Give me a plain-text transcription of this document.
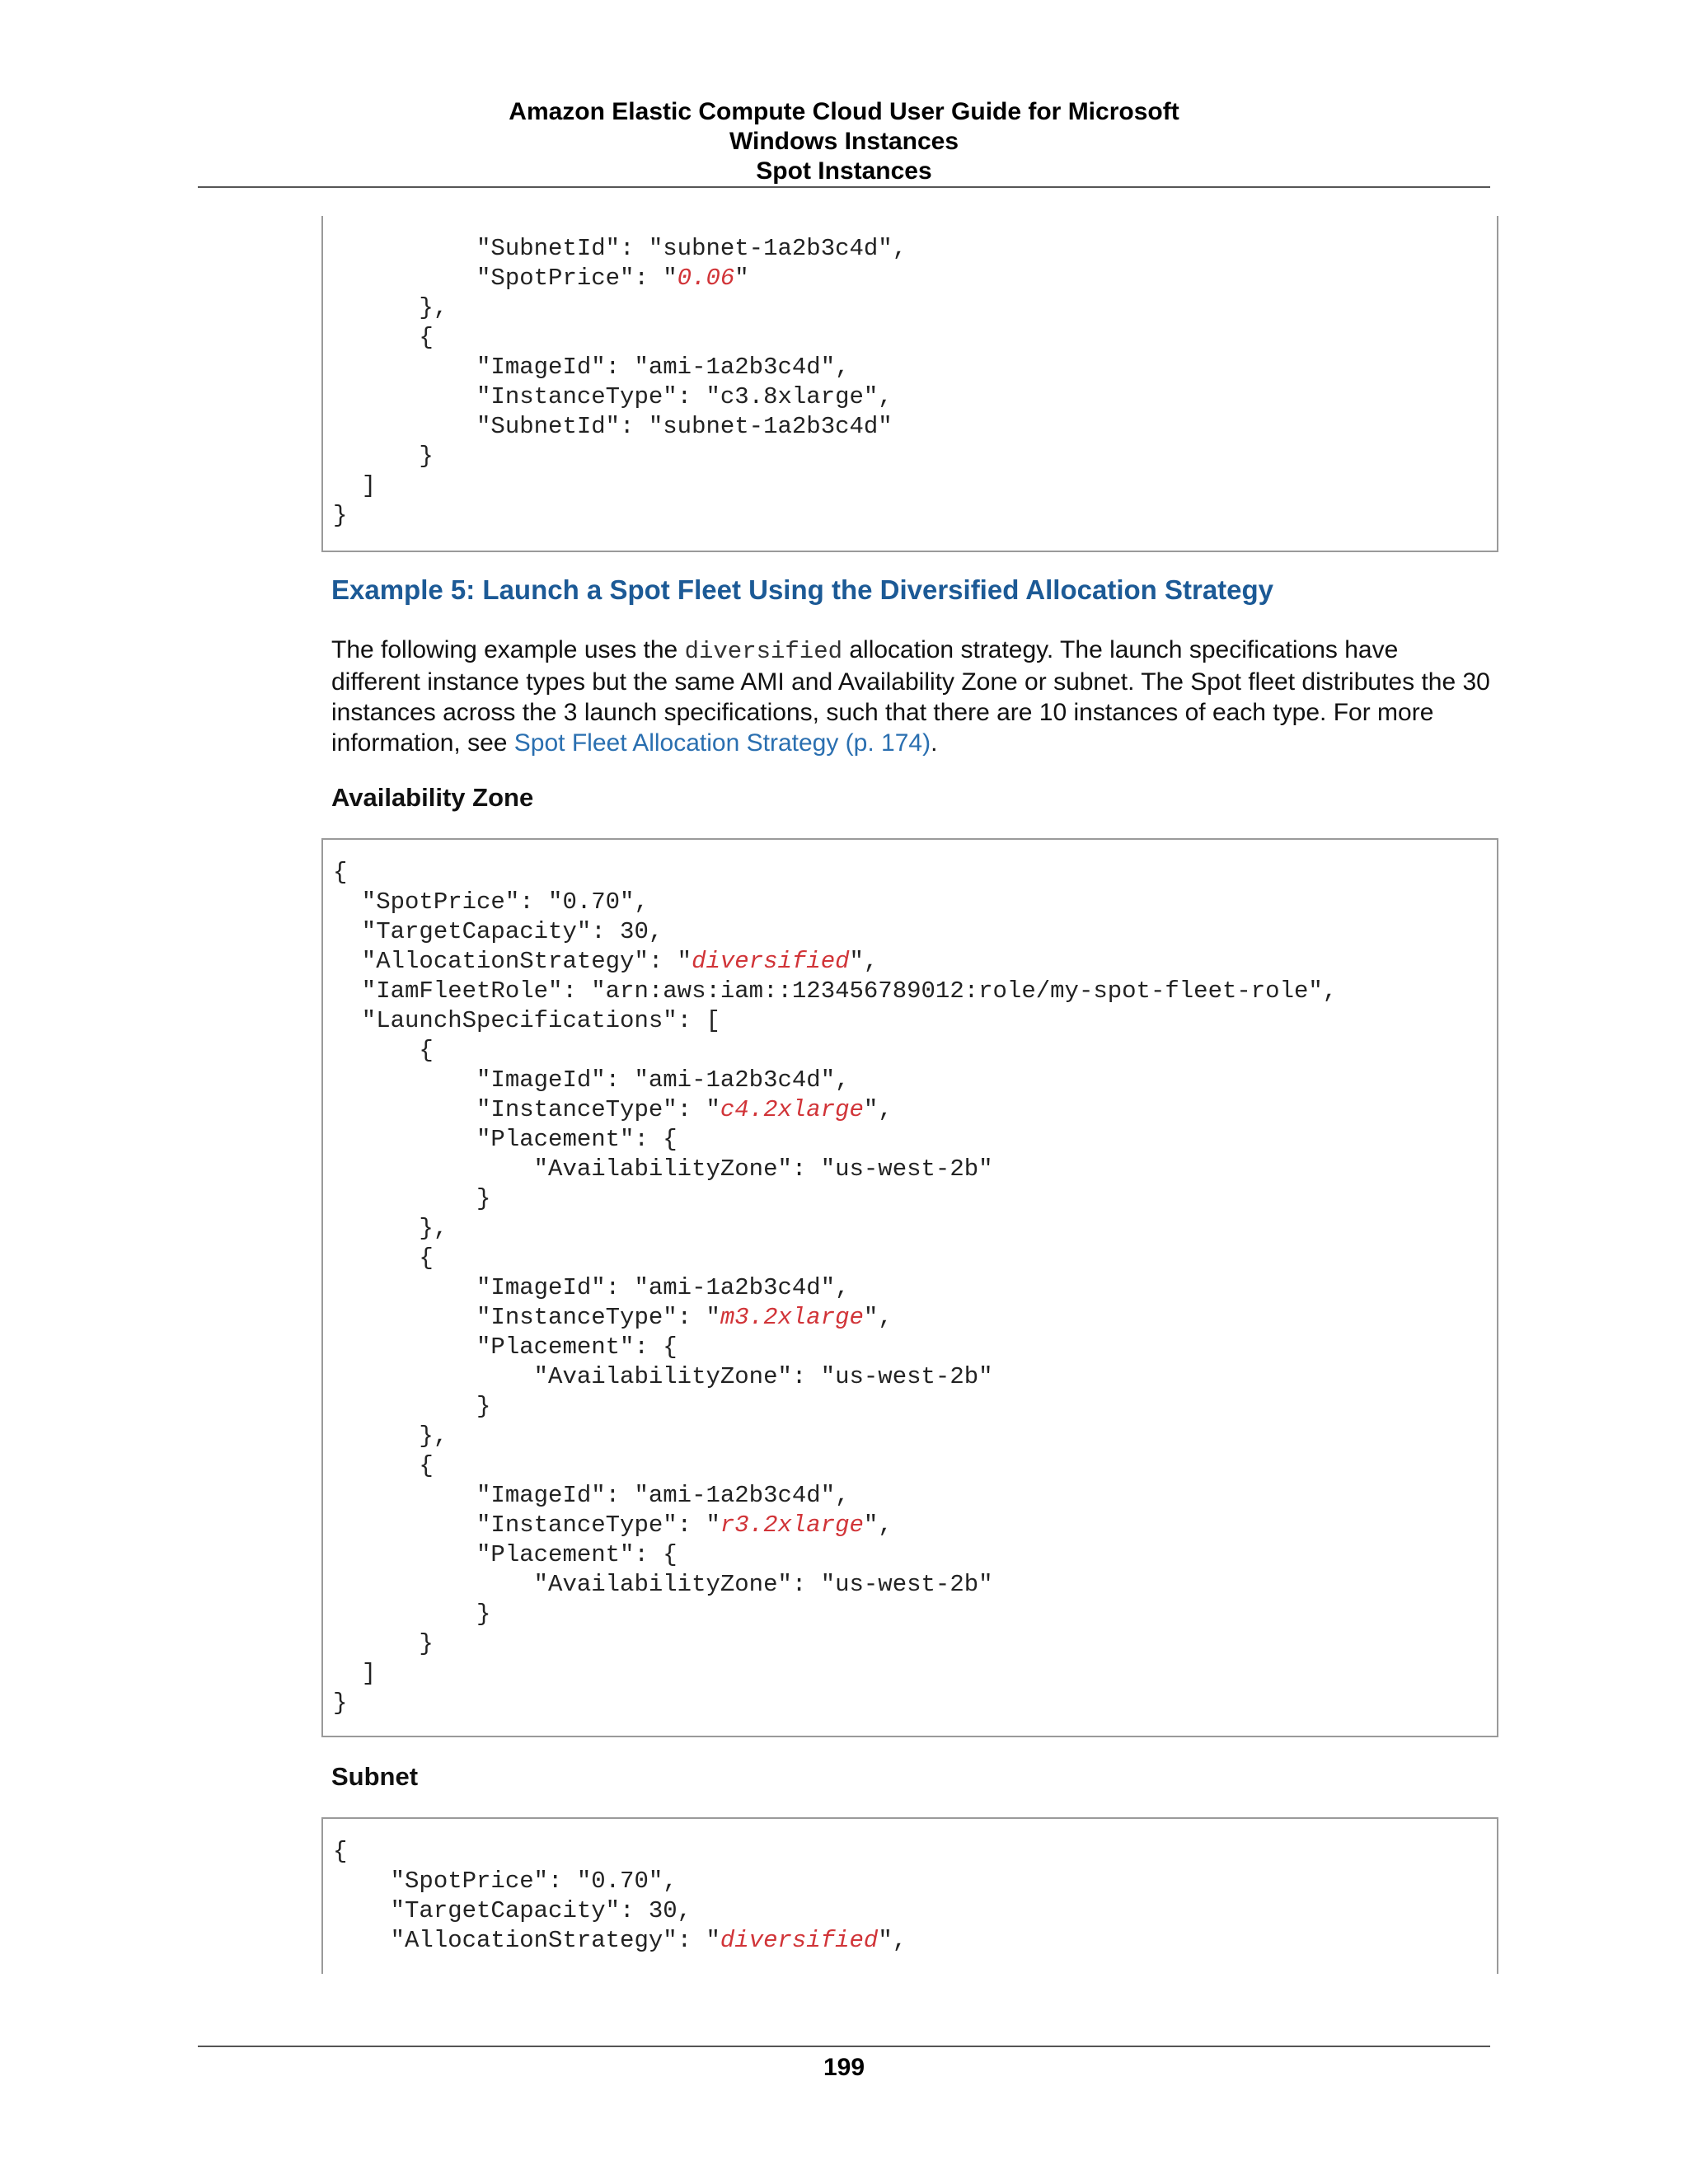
Amazon Elastic Compute Cloud User Guide for Microsoft
Windows Instances
Spot Instances
"SubnetId": "subnet-1a2b3c4d",
"SpotPrice": "0.06"
},
{
"ImageId": "ami-1a2b3c4d",
"InstanceType": "c3.8xlarge",
"SubnetId": "subnet-1a2b3c4d"
}
]
}
Example 5: Launch a Spot Fleet Using the Diversified Allocation Strategy
The following example uses the diversified allocation strategy. The launch specifications have different instance types but the same AMI and Availability Zone or subnet. The Spot fleet distributes the 30 instances across the 3 launch specifications, such that there are 10 instances of each type. For more information, see Spot Fleet Allocation Strategy (p. 174).
Availability Zone
{
"SpotPrice": "0.70",
"TargetCapacity": 30,
"AllocationStrategy": "diversified",
"IamFleetRole": "arn:aws:iam::123456789012:role/my-spot-fleet-role",
"LaunchSpecifications": [
{
"ImageId": "ami-1a2b3c4d",
"InstanceType": "c4.2xlarge",
"Placement": {
"AvailabilityZone": "us-west-2b"
}
},
{
"ImageId": "ami-1a2b3c4d",
"InstanceType": "m3.2xlarge",
"Placement": {
"AvailabilityZone": "us-west-2b"
}
},
{
"ImageId": "ami-1a2b3c4d",
"InstanceType": "r3.2xlarge",
"Placement": {
"AvailabilityZone": "us-west-2b"
}
}
]
}
Subnet
{
"SpotPrice": "0.70",
"TargetCapacity": 30,
"AllocationStrategy": "diversified",
199
